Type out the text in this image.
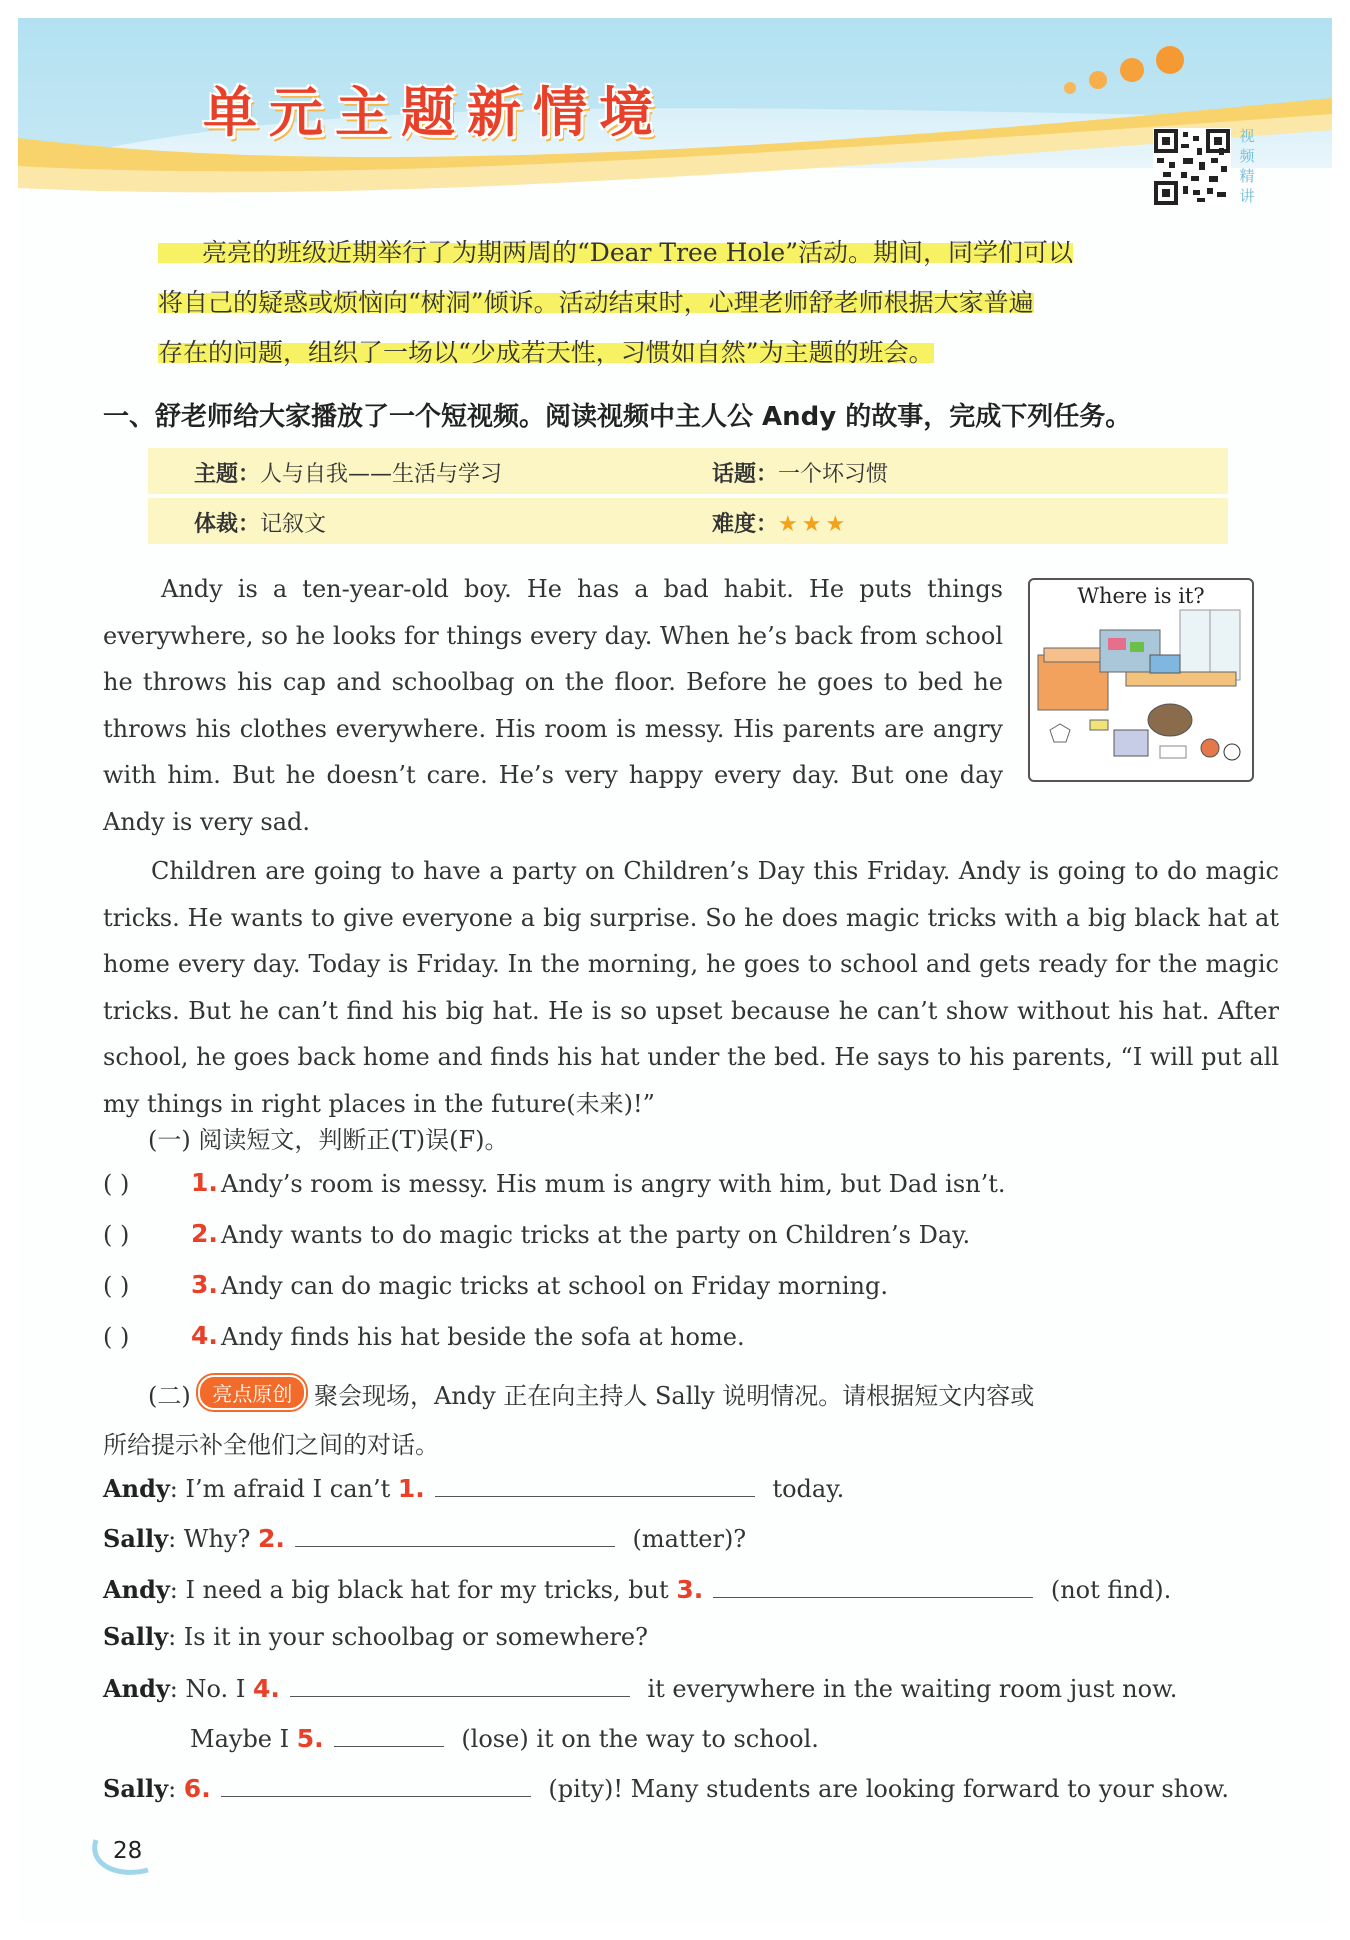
单元主题新情境	视频精讲
亮亮的班级近期举行了为期两周的“Dear Tree Hole”活动。期间，同学们可以
将自己的疑惑或烦恼向“树洞”倾诉。活动结束时，心理老师舒老师根据大家普遍
存在的问题，组织了一场以“少成若天性，习惯如自然”为主题的班会。
一、舒老师给大家播放了一个短视频。阅读视频中主人公 Andy 的故事，完成下列任务。
主题：人与自我——生活与学习	话题：一个坏习惯
体裁：记叙文	难度：★★★
Andy is a ten-year-old boy. He has a bad habit. He puts things everywhere, so he looks for things every day. When he’s back from school he throws his cap and schoolbag on the floor. Before he goes to bed he throws his clothes everywhere. His room is messy. His parents are angry with him. But he doesn’t care. He’s very happy every day. But one day Andy is very sad.
Where is it?
Children are going to have a party on Children’s Day this Friday. Andy is going to do magic tricks. He wants to give everyone a big surprise. So he does magic tricks with a big black hat at home every day. Today is Friday. In the morning, he goes to school and gets ready for the magic tricks. But he can’t find his big hat. He is so upset because he can’t show without his hat. After school, he goes back home and finds his hat under the bed. He says to his parents, “I will put all my things in right places in the future(未来)!”
(一) 阅读短文，判断正(T)误(F)。
( ) 1. Andy’s room is messy. His mum is angry with him, but Dad isn’t.
( ) 2. Andy wants to do magic tricks at the party on Children’s Day.
( ) 3. Andy can do magic tricks at school on Friday morning.
( ) 4. Andy finds his hat beside the sofa at home.
(二) 亮点原创 聚会现场，Andy 正在向主持人 Sally 说明情况。请根据短文内容或
所给提示补全他们之间的对话。
Andy: I’m afraid I can’t 1.	today.
Sally: Why? 2.	(matter)?
Andy: I need a big black hat for my tricks, but 3.	(not find).
Sally: Is it in your schoolbag or somewhere?
Andy: No. I 4.	it everywhere in the waiting room just now.
Maybe I 5.	(lose) it on the way to school.
Sally: 6.	(pity)! Many students are looking forward to your show.
28
